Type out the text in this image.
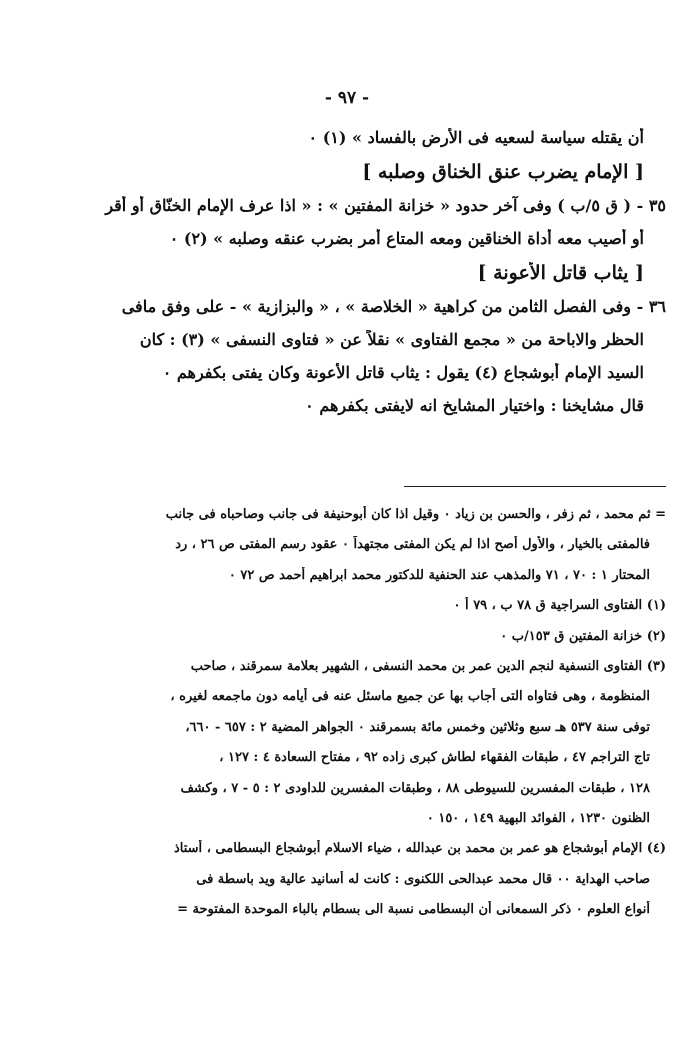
- ٩٧ -
أن يقتله سياسة لسعيه فى الأرض بالفساد » (١) ٠
[ الإمام يضرب عنق الخناق وصلبه ]
٣٥ - ( ق ٥/ب ) وفى آخر حدود « خزانة المفتين » : « اذا عرف الإمام الخنّاق أو أقر
أو أصيب معه أداة الخناقين ومعه المتاع أمر بضرب عنقه وصلبه » (٢) ٠
[ يثاب قاتل الأعونة ]
٣٦ - وفى الفصل الثامن من كراهية « الخلاصة » ، « والبزازية » - على وفق مافى
الحظر والاباحة من « مجمع الفتاوى » نقلاً عن « فتاوى النسفى » (٣) : كان
السيد الإمام أبوشجاع (٤) يقول : يثاب قاتل الأعونة وكان يفتى بكفرهم ٠
قال مشايخنا : واختيار المشايخ انه لايفتى بكفرهم ٠
= ثم محمد ، ثم زفر ، والحسن بن زياد ٠ وقيل اذا كان أبوحنيفة فى جانب وصاحباه فى جانب
فالمفتى بالخيار ، والأول أصح اذا لم يكن المفتى مجتهداً ٠ عقود رسم المفتى ص ٢٦ ، رد
المحتار ١ : ٧٠ ، ٧١ والمذهب عند الحنفية للدكتور محمد ابراهيم أحمد ص ٧٢ ٠
(١) الفتاوى السراجية ق ٧٨ ب ، ٧٩ أ ٠
(٢) خزانة المفتين ق ١٥٣/ب ٠
(٣) الفتاوى النسفية لنجم الدين عمر بن محمد النسفى ، الشهير بعلامة سمرقند ، صاحب
المنظومة ، وهى فتاواه التى أجاب بها عن جميع ماسئل عنه فى أيامه دون ماجمعه لغيره ،
توفى سنة ٥٣٧ هـ سبع وثلاثين وخمس مائة بسمرقند ٠ الجواهر المضية ٢ : ٦٥٧ - ٦٦٠،
تاج التراجم ٤٧ ، طبقات الفقهاء لطاش كبرى زاده ٩٢ ، مفتاح السعادة ٤ : ١٢٧ ،
١٢٨ ، طبقات المفسرين للسيوطى ٨٨ ، وطبقات المفسرين للداودى ٢ : ٥ - ٧ ، وكشف
الظنون ١٢٣٠ ، الفوائد البهية ١٤٩ ، ١٥٠ ٠
(٤) الإمام أبوشجاع هو عمر بن محمد بن عبدالله ، ضياء الاسلام أبوشجاع البسطامى ، أستاذ
صاحب الهداية ٠٠ قال محمد عبدالحى اللكنوى : كانت له أسانيد عالية ويد باسطة فى
أنواع العلوم ٠ ذكر السمعانى أن البسطامى نسبة الى بسطام بالباء الموحدة المفتوحة =
